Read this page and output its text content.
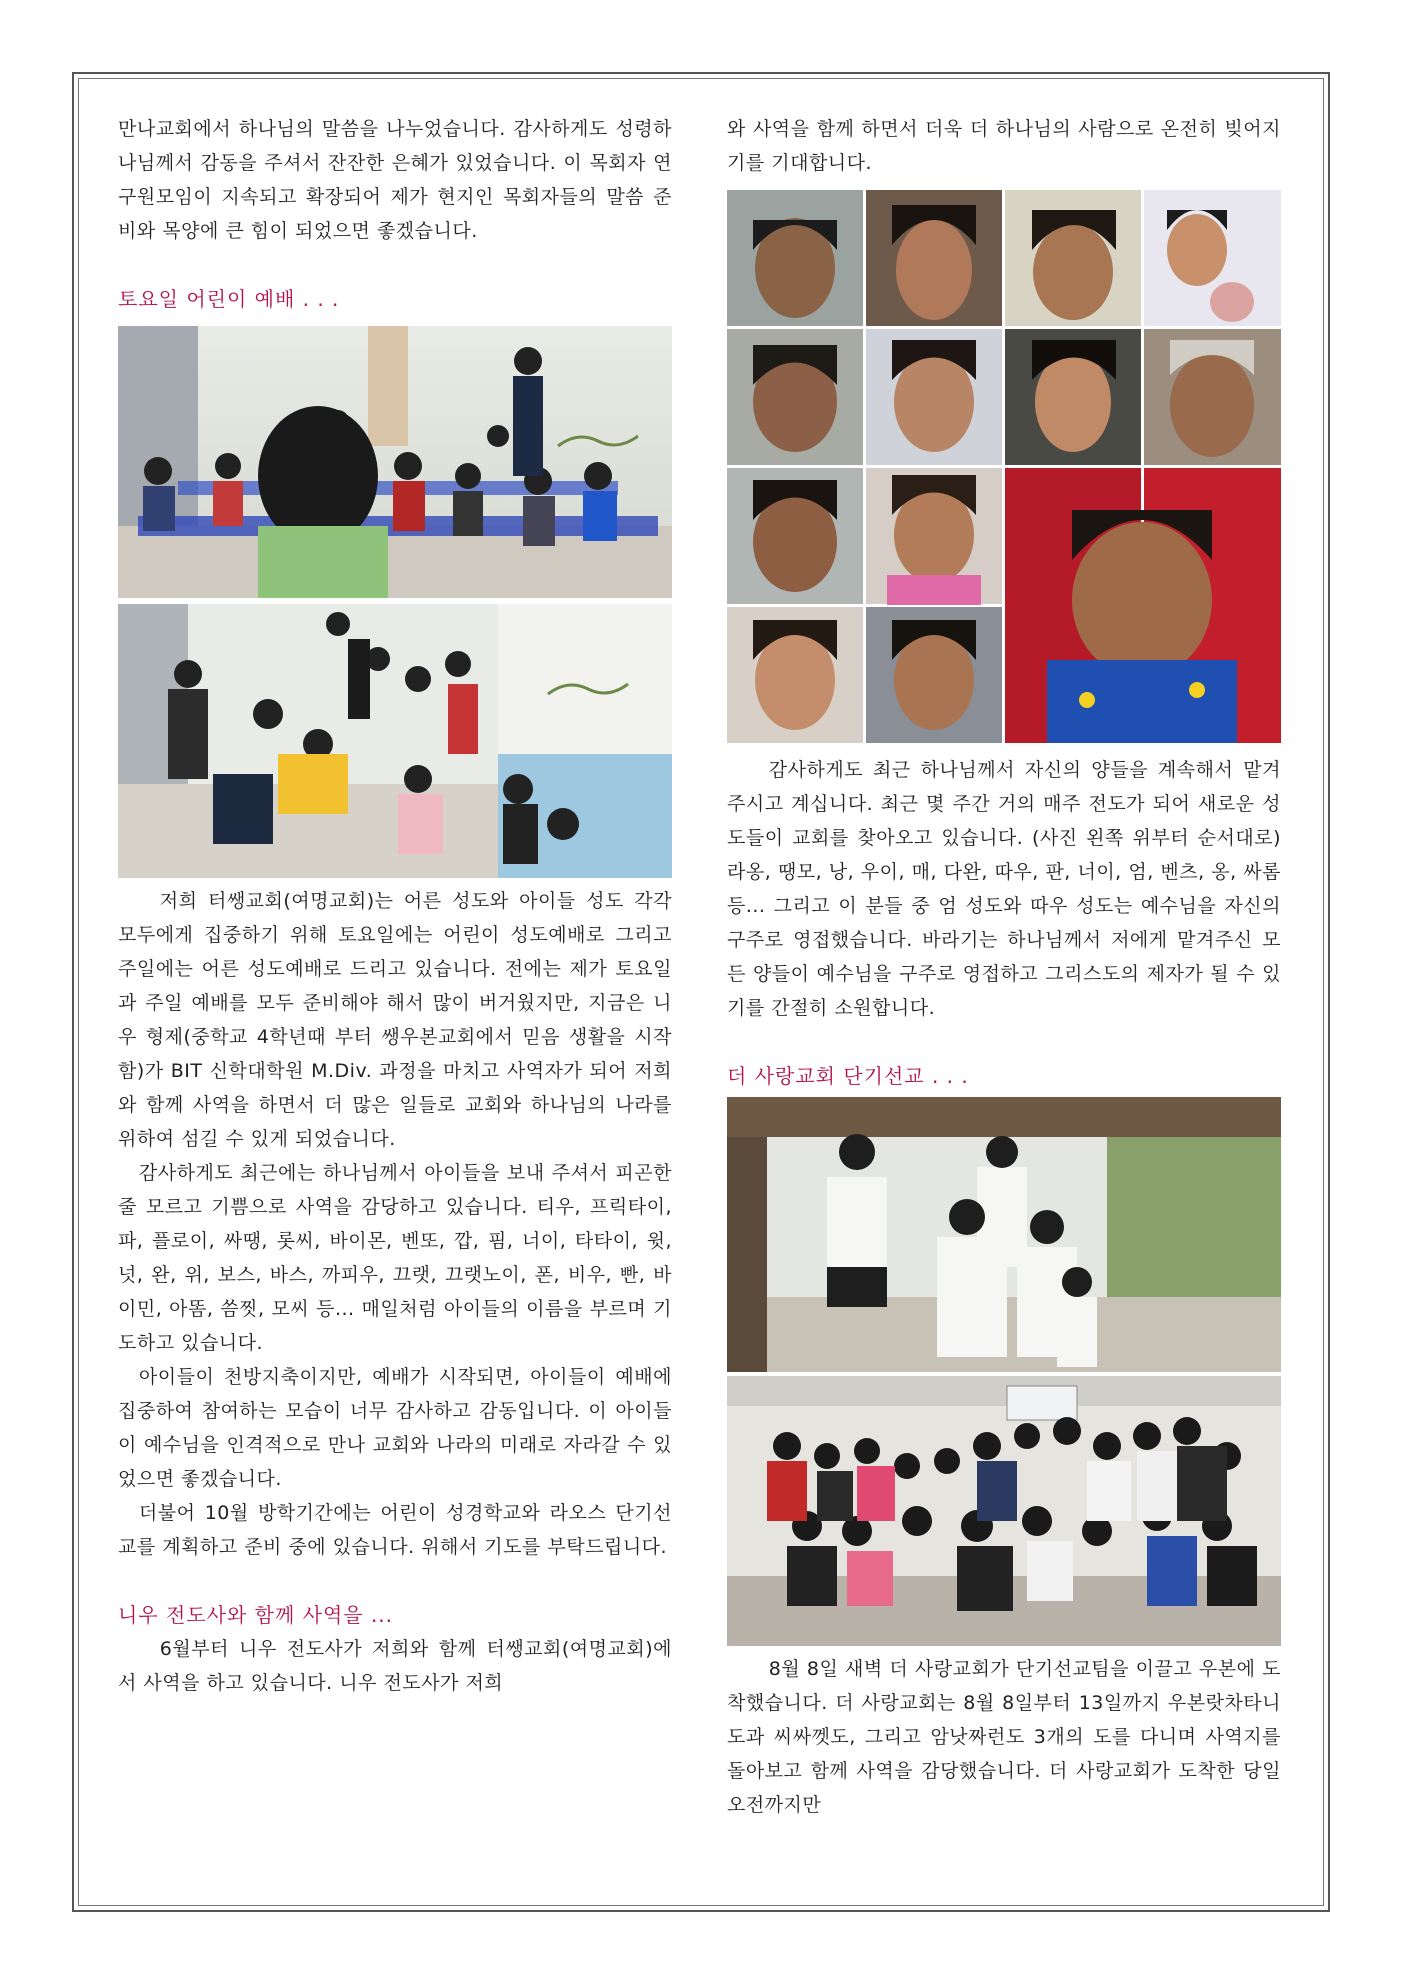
만나교회에서 하나님의 말씀을 나누었습니다. 감사하게도 성령하나님께서 감동을 주셔서 잔잔한 은혜가 있었습니다. 이 목회자 연구원모임이 지속되고 확장되어 제가 현지인 목회자들의 말씀 준비와 목양에 큰 힘이 되었으면 좋겠습니다.

토요일 어린이 예배 . . .

저희 터쌩교회(여명교회)는 어른 성도와 아이들 성도 각각 모두에게 집중하기 위해 토요일에는 어린이 성도예배로 그리고 주일에는 어른 성도예배로 드리고 있습니다. 전에는 제가 토요일과 주일 예배를 모두 준비해야 해서 많이 버거웠지만, 지금은 니우 형제(중학교 4학년때 부터 쌩우본교회에서 믿음 생활을 시작함)가 BIT 신학대학원 M.Div. 과정을 마치고 사역자가 되어 저희와 함께 사역을 하면서 더 많은 일들로 교회와 하나님의 나라를 위하여 섬길 수 있게 되었습니다.

감사하게도 최근에는 하나님께서 아이들을 보내 주셔서 피곤한 줄 모르고 기쁨으로 사역을 감당하고 있습니다. 티우, 프릭타이, 파, 플로이, 싸땡, 롯씨, 바이몬, 벤또, 깝, 핌, 너이, 타타이, 윗, 넛, 완, 위, 보스, 바스, 까피우, 끄랫, 끄랫노이, 폰, 비우, 빤, 바이민, 아똠, 씀찟, 모씨 등... 매일처럼 아이들의 이름을 부르며 기도하고 있습니다.

아이들이 천방지축이지만, 예배가 시작되면, 아이들이 예배에 집중하여 참여하는 모습이 너무 감사하고 감동입니다. 이 아이들이 예수님을 인격적으로 만나 교회와 나라의 미래로 자라갈 수 있었으면 좋겠습니다.

더불어 10월 방학기간에는 어린이 성경학교와 라오스 단기선교를 계획하고 준비 중에 있습니다. 위해서 기도를 부탁드립니다.

니우 전도사와 함께 사역을 ...

6월부터 니우 전도사가 저희와 함께 터쌩교회(여명교회)에서 사역을 하고 있습니다. 니우 전도사가 저희

와 사역을 함께 하면서 더욱 더 하나님의 사람으로 온전히 빚어지기를 기대합니다.

감사하게도 최근 하나님께서 자신의 양들을 계속해서 맡겨 주시고 계십니다. 최근 몇 주간 거의 매주 전도가 되어 새로운 성도들이 교회를 찾아오고 있습니다. (사진 왼쪽 위부터 순서대로) 라옹, 땡모, 낭, 우이, 매, 다완, 따우, 판, 너이, 엄, 벤츠, 옹, 싸롬 등... 그리고 이 분들 중 엄 성도와 따우 성도는 예수님을 자신의 구주로 영접했습니다. 바라기는 하나님께서 저에게 맡겨주신 모든 양들이 예수님을 구주로 영접하고 그리스도의 제자가 될 수 있기를 간절히 소원합니다.

더 사랑교회 단기선교 . . .

8월 8일 새벽 더 사랑교회가 단기선교팀을 이끌고 우본에 도착했습니다. 더 사랑교회는 8월 8일부터 13일까지 우본랏차타니도과 씨싸껫도, 그리고 암낫짜런도 3개의 도를 다니며 사역지를 돌아보고 함께 사역을 감당했습니다. 더 사랑교회가 도착한 당일 오전까지만
